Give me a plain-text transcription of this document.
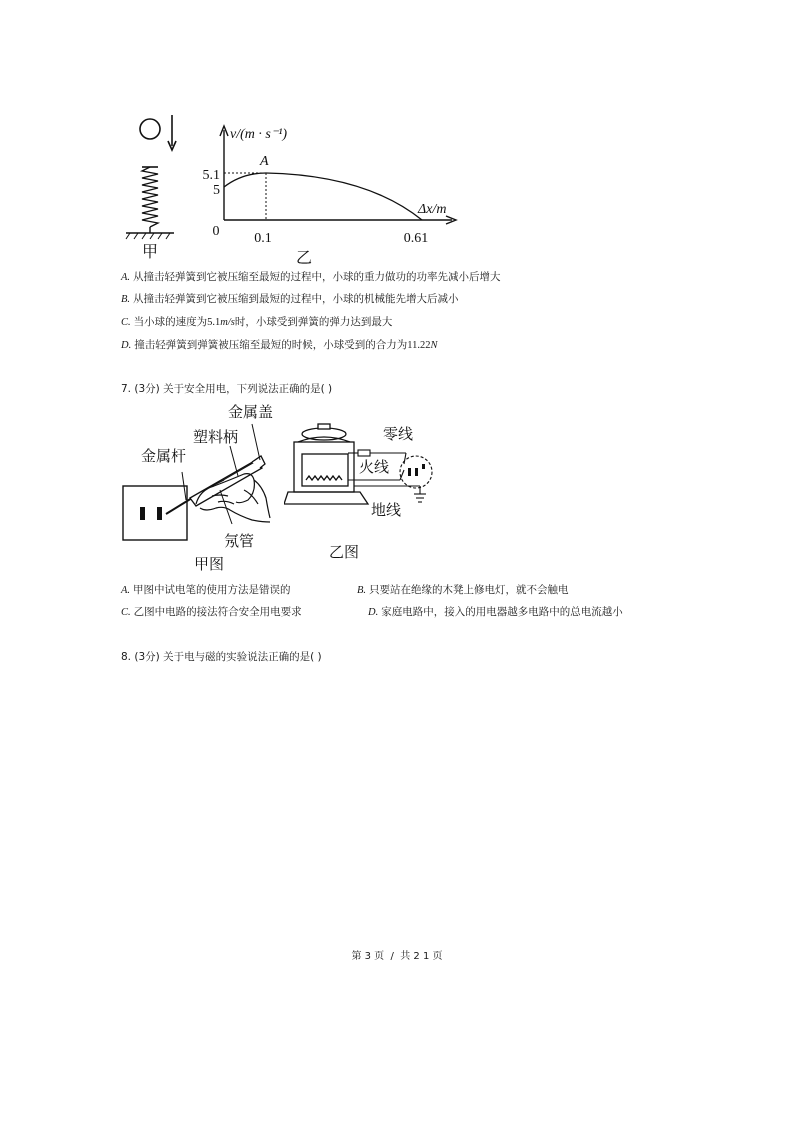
甲
v/(m · s⁻¹)
A
5.1
5
0 0.1	0.61
Δx/m
乙
A. 从撞击轻弹簧到它被压缩至最短的过程中，小球的重力做功的功率先减小后增大
B. 从撞击轻弹簧到它被压缩到最短的过程中，小球的机械能先增大后减小
C. 当小球的速度为5.1m/s时，小球受到弹簧的弹力达到最大
D. 撞击轻弹簧到弹簧被压缩至最短的时候，小球受到的合力为11.22N
7. (3分) 关于安全用电，下列说法正确的是( )
金属盖
塑料柄
金属杆
氖管
甲图
零线
火线
地线
乙图
A. 甲图中试电笔的使用方法是错误的	B. 只要站在绝缘的木凳上修电灯，就不会触电
C. 乙图中电路的接法符合安全用电要求	D. 家庭电路中，接入的用电器越多电路中的总电流越小
8. (3分) 关于电与磁的实验说法正确的是( )
第 3 页  /  共 2 1 页
